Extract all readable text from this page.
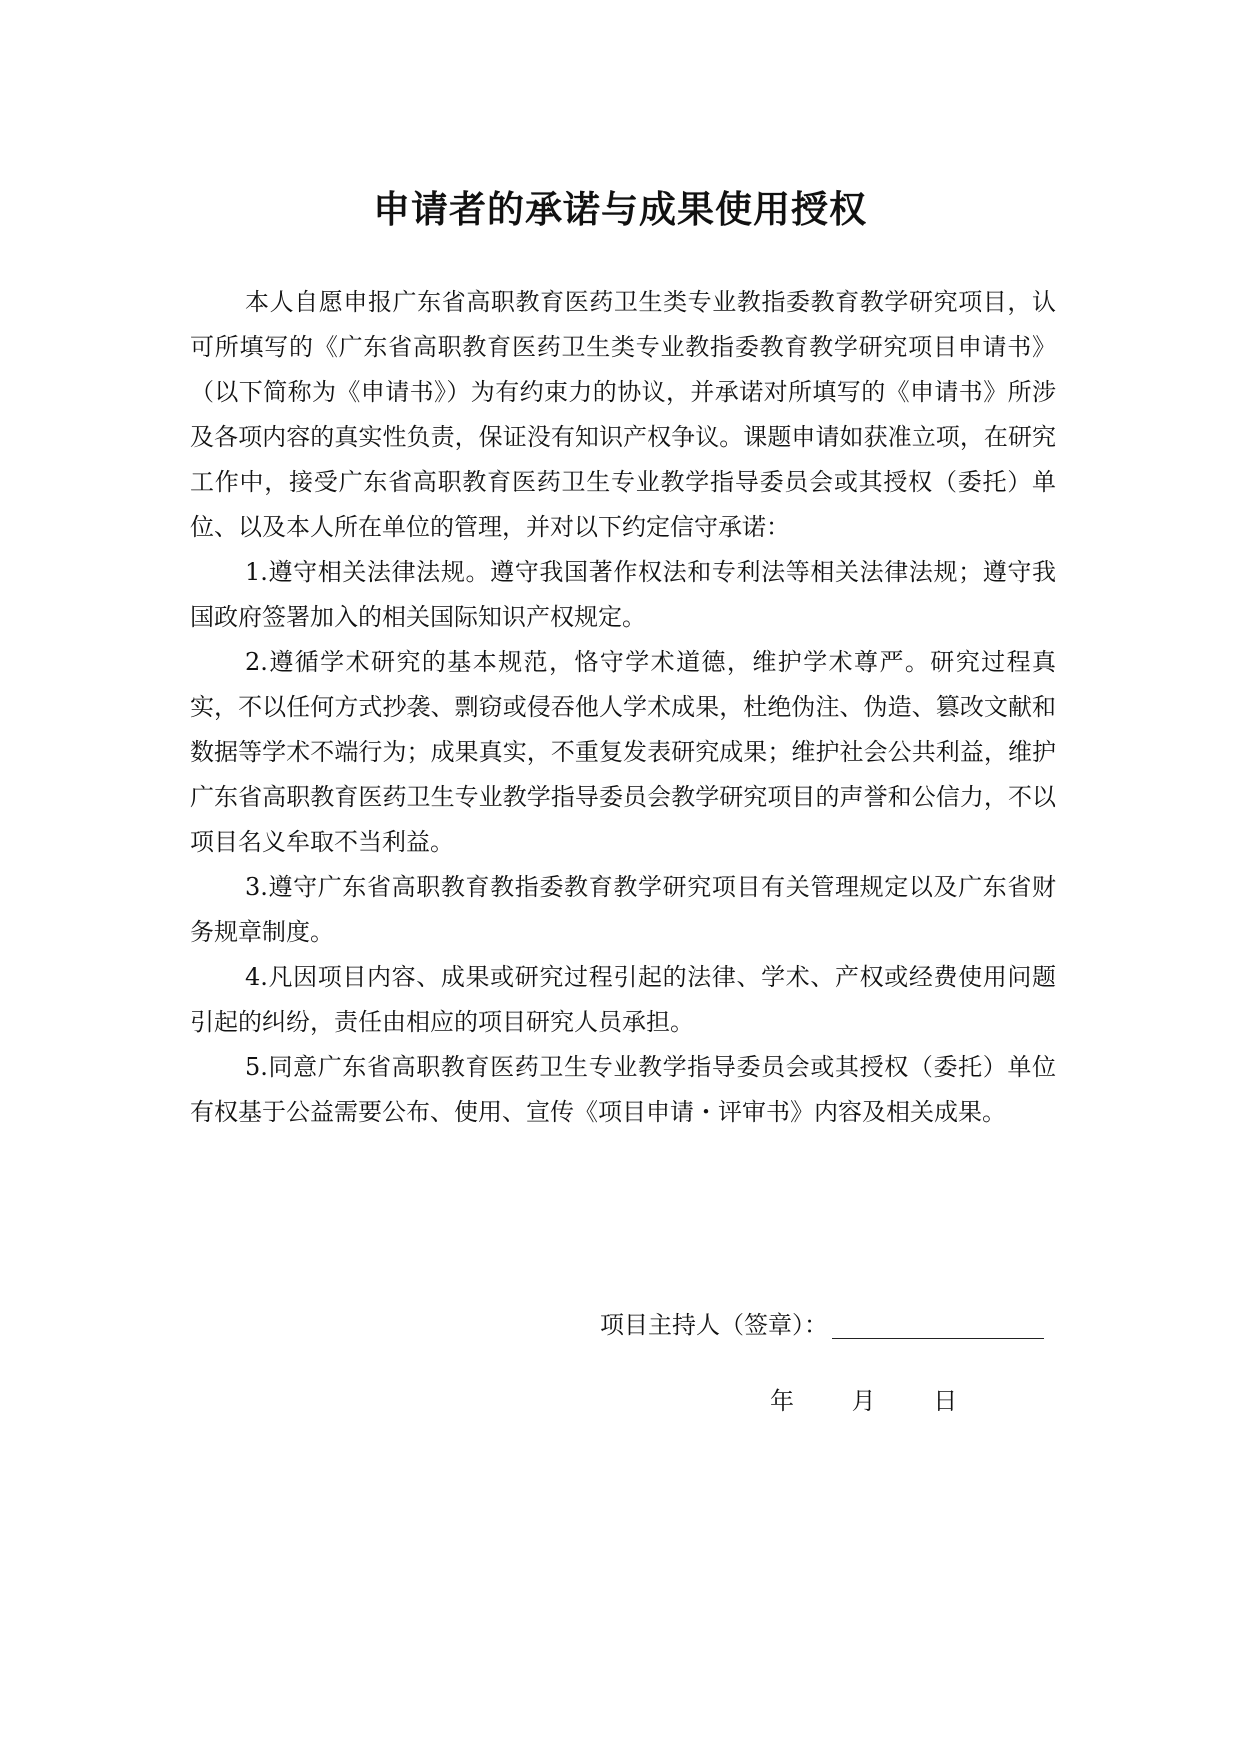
申请者的承诺与成果使用授权

本人自愿申报广东省高职教育医药卫生类专业教指委教育教学研究项目，认可所填写的《广东省高职教育医药卫生类专业教指委教育教学研究项目申请书》（以下简称为《申请书》）为有约束力的协议，并承诺对所填写的《申请书》所涉及各项内容的真实性负责，保证没有知识产权争议。课题申请如获准立项，在研究工作中，接受广东省高职教育医药卫生专业教学指导委员会或其授权（委托）单位、以及本人所在单位的管理，并对以下约定信守承诺：

1.遵守相关法律法规。遵守我国著作权法和专利法等相关法律法规；遵守我国政府签署加入的相关国际知识产权规定。

2.遵循学术研究的基本规范，恪守学术道德，维护学术尊严。研究过程真实，不以任何方式抄袭、剽窃或侵吞他人学术成果，杜绝伪注、伪造、篡改文献和数据等学术不端行为；成果真实，不重复发表研究成果；维护社会公共利益，维护广东省高职教育医药卫生专业教学指导委员会教学研究项目的声誉和公信力，不以项目名义牟取不当利益。

3.遵守广东省高职教育教指委教育教学研究项目有关管理规定以及广东省财务规章制度。

4.凡因项目内容、成果或研究过程引起的法律、学术、产权或经费使用问题引起的纠纷，责任由相应的项目研究人员承担。

5.同意广东省高职教育医药卫生专业教学指导委员会或其授权（委托）单位有权基于公益需要公布、使用、宣传《项目申请・评审书》内容及相关成果。

项目主持人（签章）：
年 月 日
